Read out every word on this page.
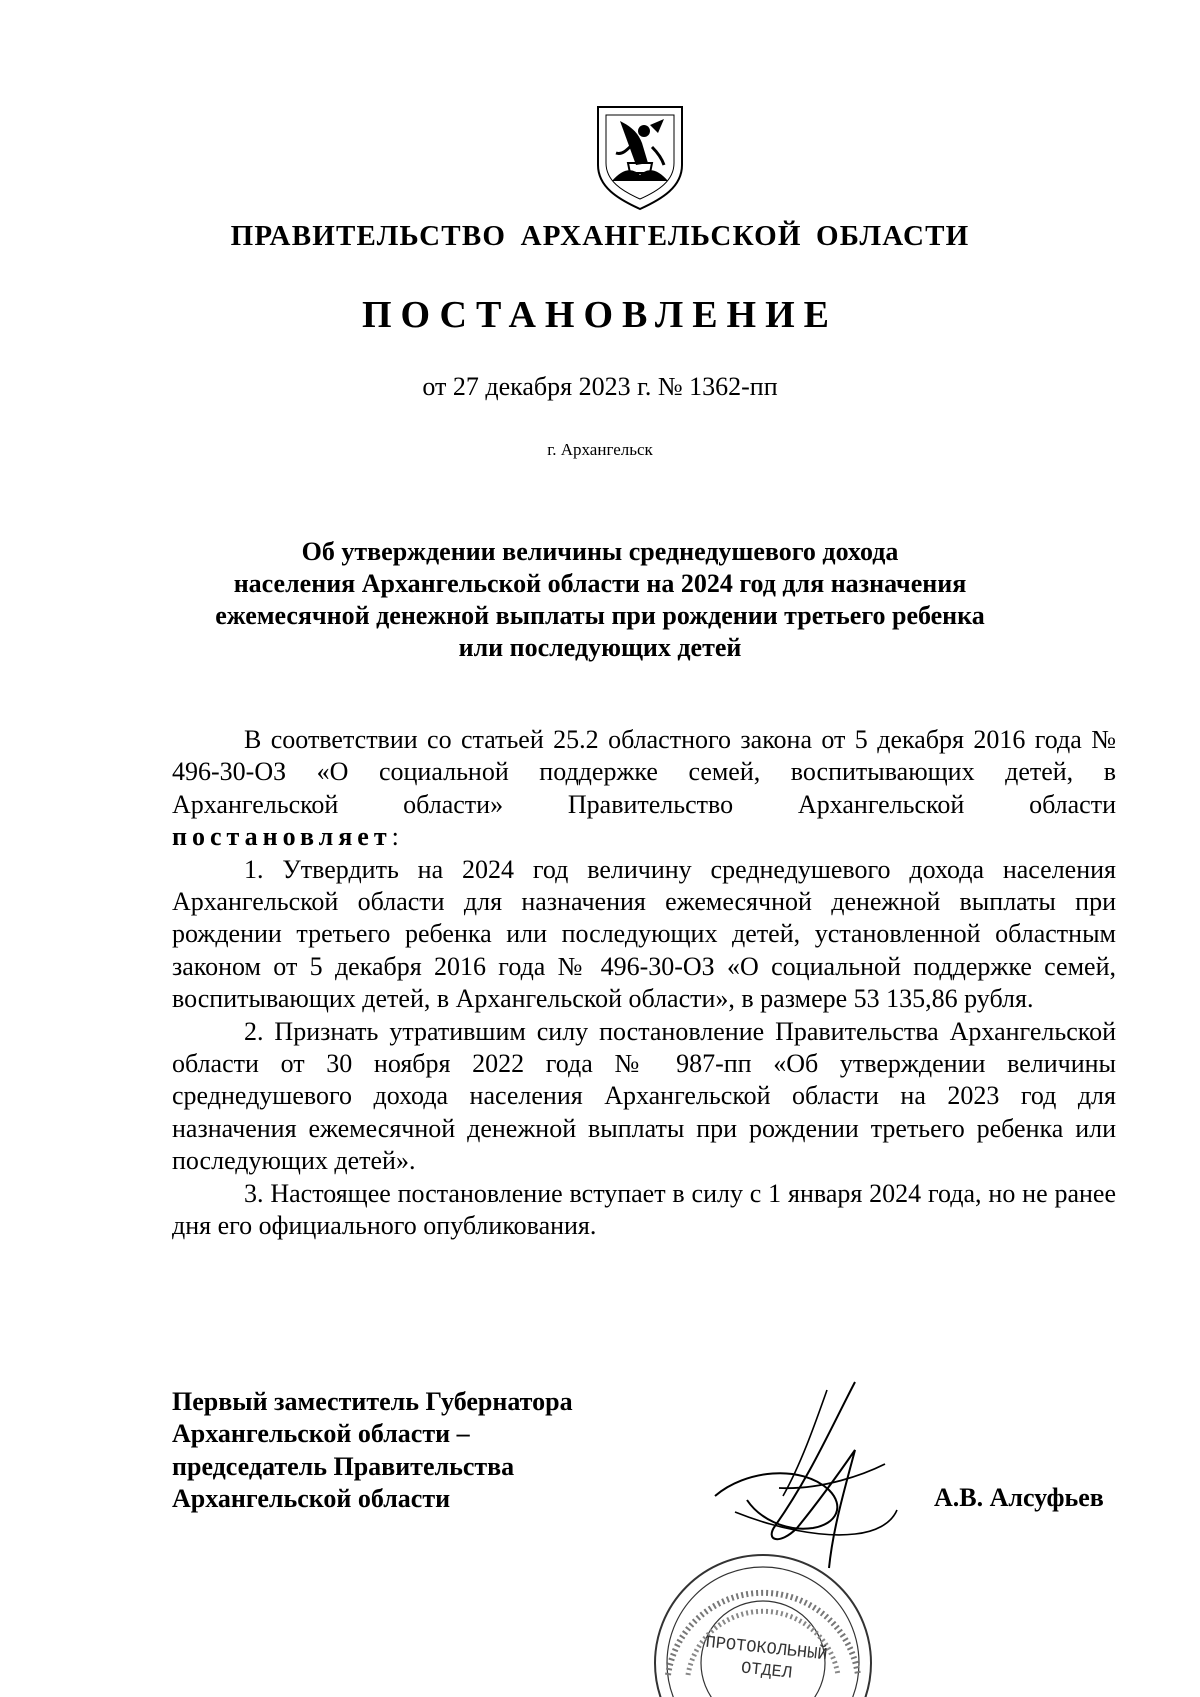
ПРАВИТЕЛЬСТВО АРХАНГЕЛЬСКОЙ ОБЛАСТИ
ПОСТАНОВЛЕНИЕ
от 27 декабря 2023 г. № 1362-пп
г. Архангельск
Об утверждении величины среднедушевого дохода
населения Архангельской области на 2024 год для назначения
ежемесячной денежной выплаты при рождении третьего ребенка
или последующих детей

В соответствии со статьей 25.2 областного закона от 5 декабря 2016 года № 496-30-ОЗ «О социальной поддержке семей, воспитывающих детей, в Архангельской области» Правительство Архангельской области постановляет:

1. Утвердить на 2024 год величину среднедушевого дохода населения Архангельской области для назначения ежемесячной денежной выплаты при рождении третьего ребенка или последующих детей, установленной областным законом от 5 декабря 2016 года № 496-30-ОЗ «О социальной поддержке семей, воспитывающих детей, в Архангельской области», в размере 53 135,86 рубля.

2. Признать утратившим силу постановление Правительства Архангельской области от 30 ноября 2022 года № 987-пп «Об утверждении величины среднедушевого дохода населения Архангельской области на 2023 год для назначения ежемесячной денежной выплаты при рождении третьего ребенка или последующих детей».

3. Настоящее постановление вступает в силу с 1 января 2024 года, но не ранее дня его официального опубликования.

Первый заместитель Губернатора
Архангельской области –
председатель Правительства
Архангельской области
ПРОТОКОЛЬНЫЙ
ОТДЕЛ
А.В. Алсуфьев
